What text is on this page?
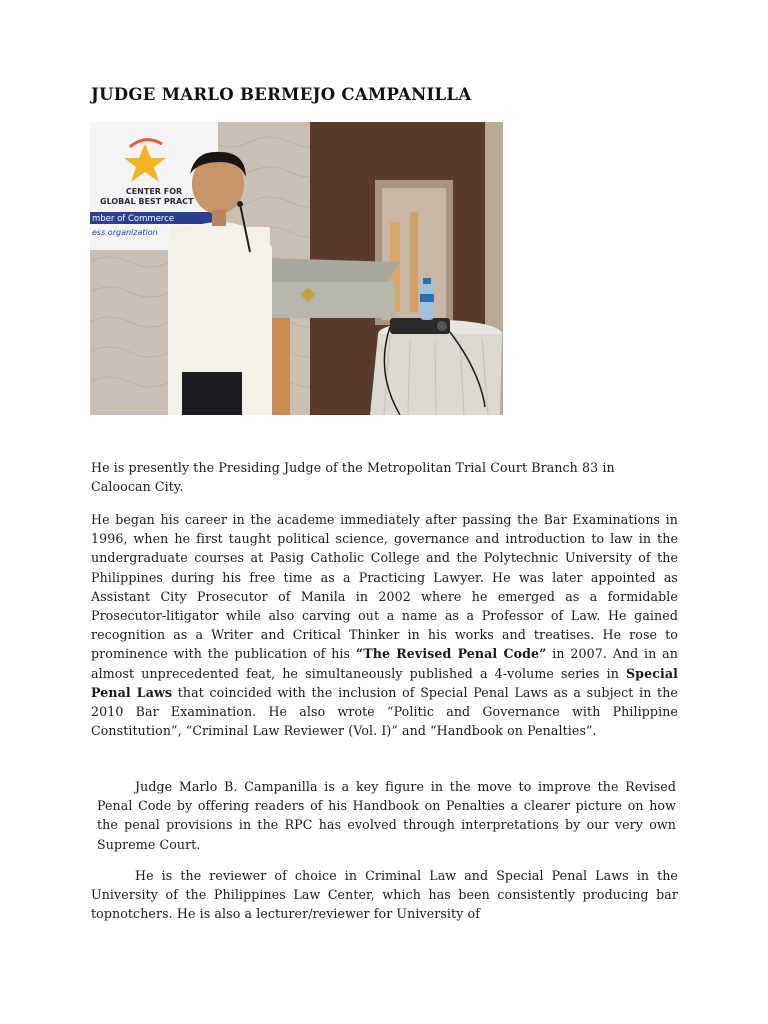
JUDGE MARLO BERMEJO CAMPANILLA
CENTER FOR
GLOBAL BEST PRACT
mber of Commerce
ess organization

He is presently the Presiding Judge of the Metropolitan Trial Court Branch 83 in Caloocan City.

He began his career in the academe immediately after passing the Bar Examinations in 1996, when he first taught political science, governance and introduction to law in the undergraduate courses at Pasig Catholic College and the Polytechnic University of the Philippines during his free time as a Practicing Lawyer. He was later appointed as Assistant City Prosecutor of Manila in 2002 where he emerged as a formidable Prosecutor-litigator while also carving out a name as a Professor of Law. He gained recognition as a Writer and Critical Thinker in his works and treatises. He rose to prominence with the publication of his “The Revised Penal Code” in 2007. And in an almost unprecedented feat, he simultaneously published a 4-volume series in Special Penal Laws that coincided with the inclusion of Special Penal Laws as a subject in the 2010 Bar Examination. He also wrote “Politic and Governance with Philippine Constitution”, “Criminal Law Reviewer (Vol. I)” and “Handbook on Penalties”.

Judge Marlo B. Campanilla is a key figure in the move to improve the Revised Penal Code by offering readers of his Handbook on Penalties a clearer picture on how the penal provisions in the RPC has evolved through interpretations by our very own Supreme Court.

He is the reviewer of choice in Criminal Law and Special Penal Laws in the University of the Philippines Law Center, which has been consistently producing bar topnotchers. He is also a lecturer/reviewer for University of
